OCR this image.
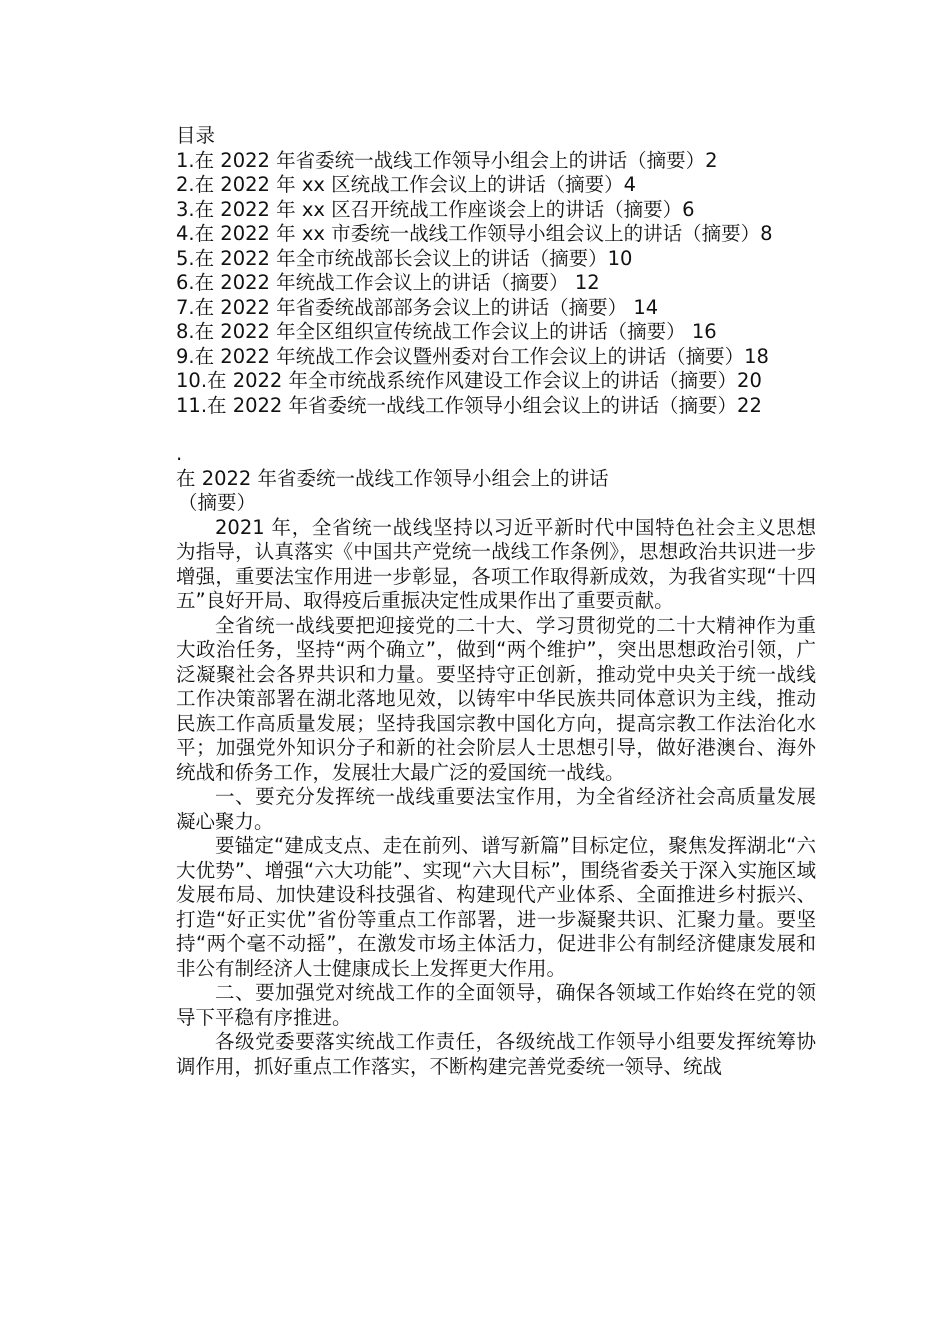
目录

1.在 2022 年省委统一战线工作领导小组会上的讲话（摘要）2
2.在 2022 年 xx 区统战工作会议上的讲话（摘要）4
3.在 2022 年 xx 区召开统战工作座谈会上的讲话（摘要）6
4.在 2022 年 xx 市委统一战线工作领导小组会议上的讲话（摘要）8
5.在 2022 年全市统战部长会议上的讲话（摘要）10
6.在 2022 年统战工作会议上的讲话（摘要） 12
7.在 2022 年省委统战部部务会议上的讲话（摘要） 14
8.在 2022 年全区组织宣传统战工作会议上的讲话（摘要） 16
9.在 2022 年统战工作会议暨州委对台工作会议上的讲话（摘要）18
10.在 2022 年全市统战系统作风建设工作会议上的讲话（摘要）20
11.在 2022 年省委统一战线工作领导小组会议上的讲话（摘要）22

.

在 2022 年省委统一战线工作领导小组会上的讲话

（摘要）

2021 年，全省统一战线坚持以习近平新时代中国特色社会主义思想为指导，认真落实《中国共产党统一战线工作条例》，思想政治共识进一步增强，重要法宝作用进一步彰显，各项工作取得新成效，为我省实现“十四五”良好开局、取得疫后重振决定性成果作出了重要贡献。

全省统一战线要把迎接党的二十大、学习贯彻党的二十大精神作为重大政治任务，坚持“两个确立”，做到“两个维护”，突出思想政治引领，广泛凝聚社会各界共识和力量。要坚持守正创新，推动党中央关于统一战线工作决策部署在湖北落地见效，以铸牢中华民族共同体意识为主线，推动民族工作高质量发展；坚持我国宗教中国化方向，提高宗教工作法治化水平；加强党外知识分子和新的社会阶层人士思想引导，做好港澳台、海外统战和侨务工作，发展壮大最广泛的爱国统一战线。

一、要充分发挥统一战线重要法宝作用，为全省经济社会高质量发展凝心聚力。

要锚定“建成支点、走在前列、谱写新篇”目标定位，聚焦发挥湖北“六大优势”、增强“六大功能”、实现“六大目标”，围绕省委关于深入实施区域发展布局、加快建设科技强省、构建现代产业体系、全面推进乡村振兴、打造“好正实优”省份等重点工作部署，进一步凝聚共识、汇聚力量。要坚持“两个毫不动摇”，在激发市场主体活力，促进非公有制经济健康发展和非公有制经济人士健康成长上发挥更大作用。

二、要加强党对统战工作的全面领导，确保各领域工作始终在党的领导下平稳有序推进。

各级党委要落实统战工作责任，各级统战工作领导小组要发挥统筹协调作用，抓好重点工作落实，不断构建完善党委统一领导、统战
